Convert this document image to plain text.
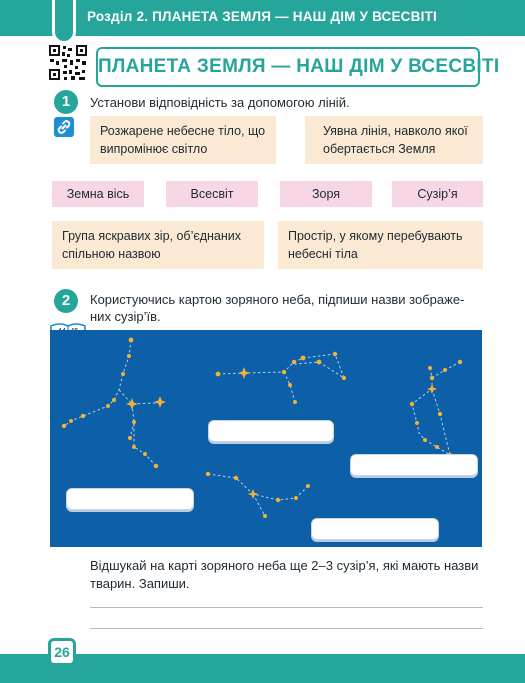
Розділ 2. ПЛАНЕТА ЗЕМЛЯ — НАШ ДІМ У ВСЕСВІТІ
ПЛАНЕТА ЗЕМЛЯ — НАШ ДІМ У ВСЕСВІТІ
1	Установи відповідність за допомогою ліній.
Розжарене небесне тіло, що випромінює світло
Уявна лінія, навколо якої обертається Земля
Земна вісь	Всесвіт	Зоря	Сузір’я
Група яскравих зір, об’єднаних спільною назвою
Простір, у якому перебувають небесні тіла
2	Користуючись картою зоряного неба, підпиши назви зображе-
них сузір’їв.
Відшукай на карті зоряного неба ще 2–3 сузір’я, які мають назви
тварин. Запиши.
26
